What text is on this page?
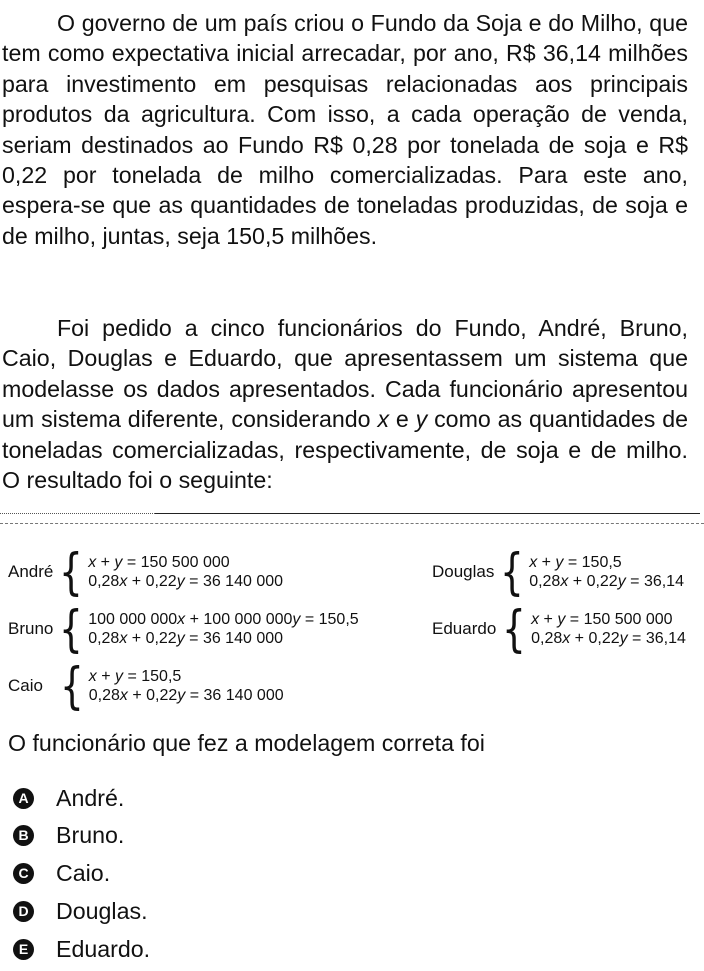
O governo de um país criou o Fundo da Soja e do Milho, que tem como expectativa inicial arrecadar, por ano, R$ 36,14 milhões para investimento em pesquisas relacionadas aos principais produtos da agricultura. Com isso, a cada operação de venda, seriam destinados ao Fundo R$ 0,28 por tonelada de soja e R$ 0,22 por tonelada de milho comercializadas. Para este ano, espera-se que as quantidades de toneladas produzidas, de soja e de milho, juntas, seja 150,5 milhões.

Foi pedido a cinco funcionários do Fundo, André, Bruno, Caio, Douglas e Eduardo, que apresentassem um sistema que modelasse os dados apresentados. Cada funcionário apresentou um sistema diferente, considerando x e y como as quantidades de toneladas comercializadas, respectivamente, de soja e de milho. O resultado foi o seguinte:

André { x + y = 150 500 000
0,28x + 0,22y = 36 140 000
Bruno { 100 000 000x + 100 000 000y = 150,5
0,28x + 0,22y = 36 140 000
Caio { x + y = 150,5
0,28x + 0,22y = 36 140 000
Douglas { x + y = 150,5
0,28x + 0,22y = 36,14
Eduardo { x + y = 150 500 000
0,28x + 0,22y = 36,14

O funcionário que fez a modelagem correta foi

A André.
B Bruno.
C Caio.
D Douglas.
E Eduardo.
